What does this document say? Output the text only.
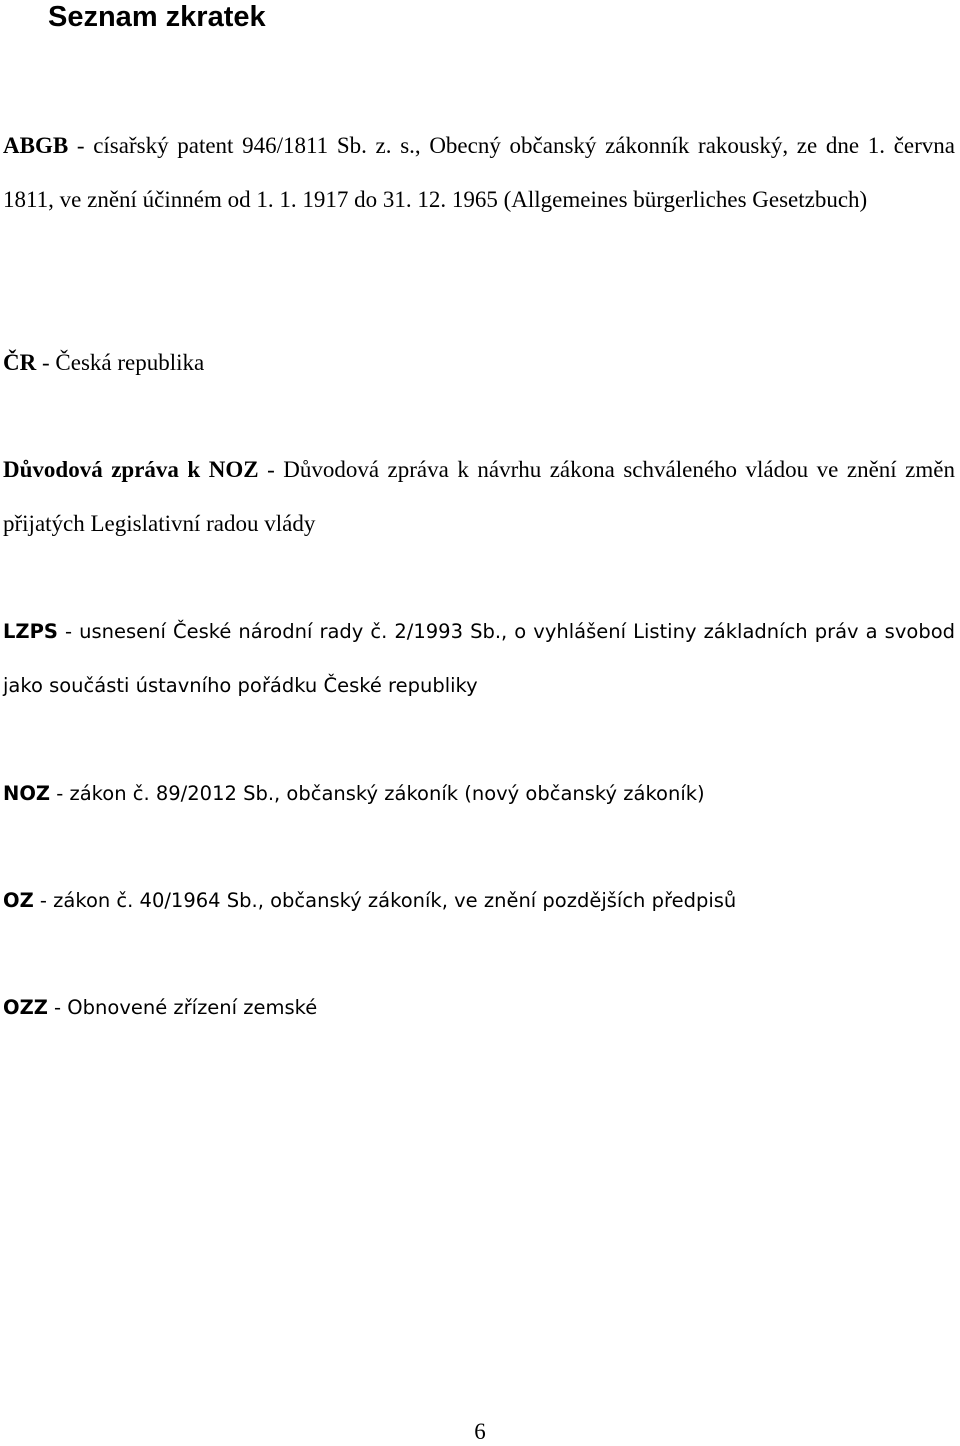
Seznam zkratek
ABGB - císařský patent 946/1811 Sb. z. s., Obecný občanský zákonník rakouský, ze dne 1. června 1811, ve znění účinném od 1. 1. 1917 do 31. 12. 1965 (Allgemeines bürgerliches Gesetzbuch)
ČR - Česká republika
Důvodová zpráva k NOZ - Důvodová zpráva k návrhu zákona schváleného vládou ve znění změn přijatých Legislativní radou vlády
LZPS - usnesení České národní rady č. 2/1993 Sb., o vyhlášení Listiny základních práv a svobod jako součásti ústavního pořádku České republiky
NOZ - zákon č. 89/2012 Sb., občanský zákoník (nový občanský zákoník)
OZ - zákon č. 40/1964 Sb., občanský zákoník, ve znění pozdějších předpisů
OZZ - Obnovené zřízení zemské
6
